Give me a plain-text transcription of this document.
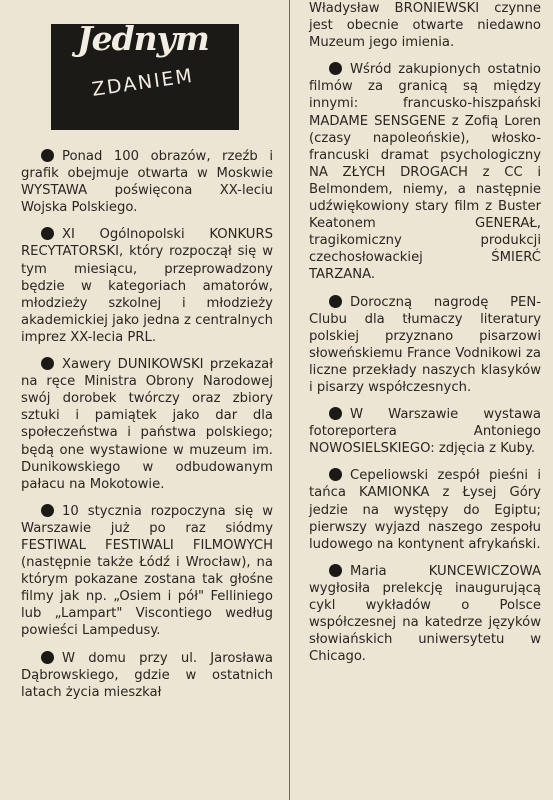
Jednym
ZDANIEM

Ponad 100 obrazów, rzeźb i grafik obejmuje otwarta w Moskwie WYSTAWA poświęcona XX-leciu Wojska Polskiego.

XI Ogólnopolski KONKURS RECYTATORSKI, który rozpoczął się w tym miesiącu, przeprowadzony będzie w kategoriach amatorów, młodzieży szkolnej i młodzieży akademickiej jako jedna z centralnych imprez XX-lecia PRL.

Xawery DUNIKOWSKI przekazał na ręce Ministra Obrony Narodowej swój dorobek twórczy oraz zbiory sztuki i pamiątek jako dar dla społeczeństwa i państwa polskiego; będą one wystawione w muzeum im. Dunikowskiego w odbudowanym pałacu na Mokotowie.

10 stycznia rozpoczyna się w Warszawie już po raz siódmy FESTIWAL FESTIWALI FILMOWYCH (następnie także Łódź i Wrocław), na którym pokazane zostana tak głośne filmy jak np. „Osiem i pół" Felliniego lub „Lampart" Viscontiego według powieści Lampedusy.

W domu przy ul. Jarosława Dąbrowskiego, gdzie w ostatnich latach życia mieszkał

Władysław BRONIEWSKI czynne jest obecnie otwarte niedawno Muzeum jego imienia.

Wśród zakupionych ostatnio filmów za granicą są między innymi: francusko-hiszpański MADAME SENSGENE z Zofią Loren (czasy napoleońskie), włosko-francuski dramat psychologiczny NA ZŁYCH DROGACH z CC i Belmondem, niemy, a następnie udźwiękowiony stary film z Buster Keatonem GENERAŁ, tragikomiczny produkcji czechosłowackiej ŚMIERĆ TARZANA.

Doroczną nagrodę PEN-Clubu dla tłumaczy literatury polskiej przyznano pisarzowi słoweńskiemu France Vodnikowi za liczne przekłady naszych klasyków i pisarzy współczesnych.

W Warszawie wystawa fotoreportera Antoniego NOWOSIELSKIEGO: zdjęcia z Kuby.

Cepeliowski zespół pieśni i tańca KAMIONKA z Łysej Góry jedzie na występy do Egiptu; pierwszy wyjazd naszego zespołu ludowego na kontynent afrykański.

Maria KUNCEWICZOWA wygłosiła prelekcję inaugurującą cykl wykładów o Polsce współczesnej na katedrze języków słowiańskich uniwersytetu w Chicago.
